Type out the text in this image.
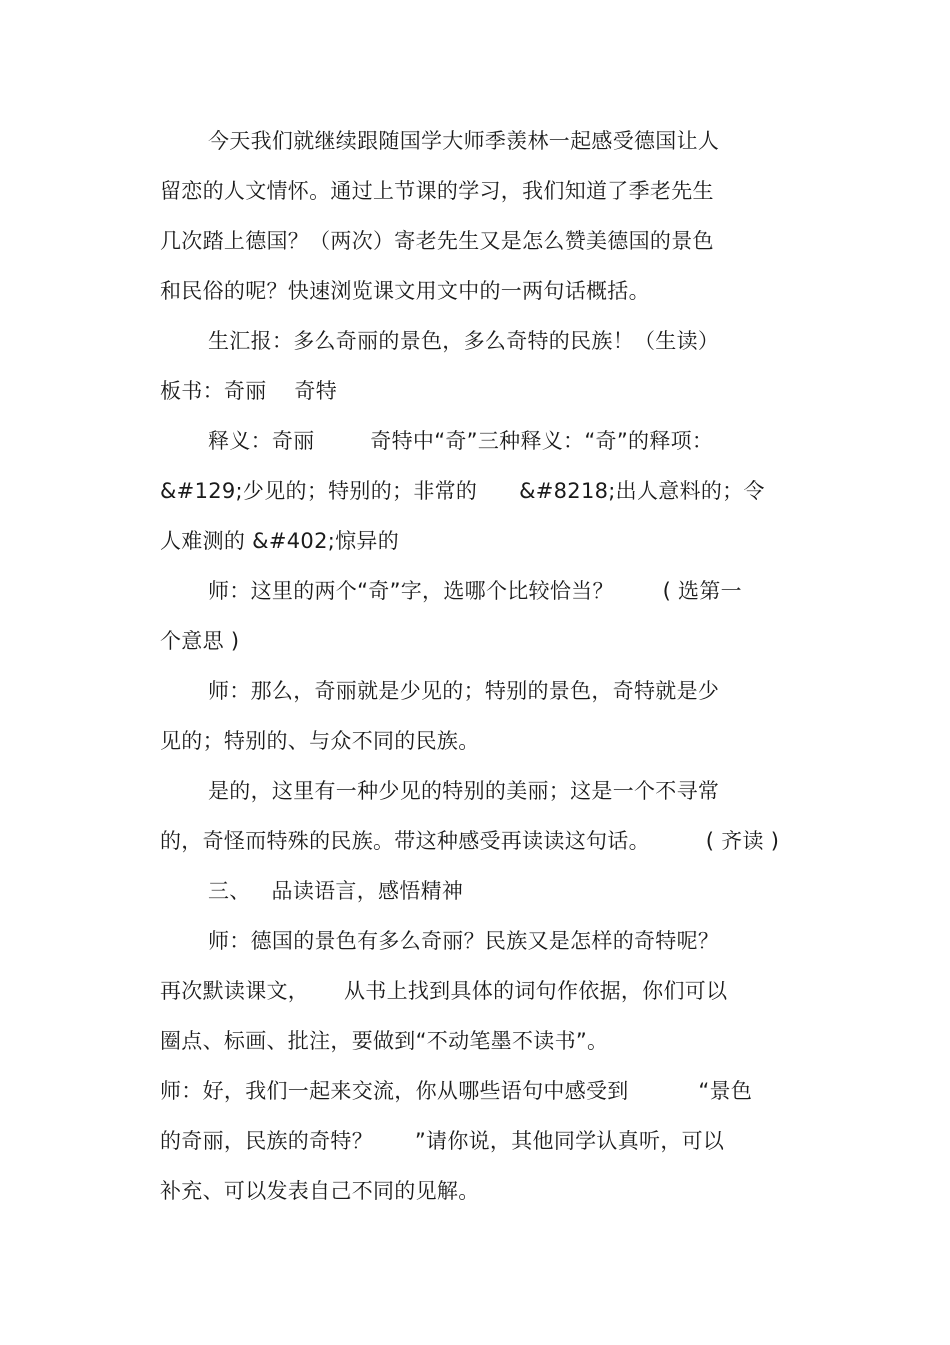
今天我们就继续跟随国学大师季羡林一起感受德国让人
留恋的人文情怀。通过上节课的学习，我们知道了季老先生
几次踏上德国？（两次）寄老先生又是怎么赞美德国的景色
和民俗的呢？快速浏览课文用文中的一两句话概括。
生汇报：多么奇丽的景色，多么奇特的民族！（生读）
板书：奇丽    奇特
释义：奇丽        奇特中“奇”三种释义：“奇”的释项：
&#129;少见的；特别的；非常的      &#8218;出人意料的；令
人难测的 &#402;惊异的
师：这里的两个“奇”字，选哪个比较恰当？       ( 选第一
个意思 )
师：那么，奇丽就是少见的；特别的景色，奇特就是少
见的；特别的、与众不同的民族。
是的，这里有一种少见的特别的美丽；这是一个不寻常
的，奇怪而特殊的民族。带这种感受再读读这句话。        ( 齐读 )
三、   品读语言，感悟精神
师：德国的景色有多么奇丽？民族又是怎样的奇特呢？
再次默读课文，     从书上找到具体的词句作依据，你们可以
圈点、标画、批注，要做到“不动笔墨不读书”。
师：好，我们一起来交流，你从哪些语句中感受到          “景色
的奇丽，民族的奇特？      ”请你说，其他同学认真听，可以
补充、可以发表自己不同的见解。
